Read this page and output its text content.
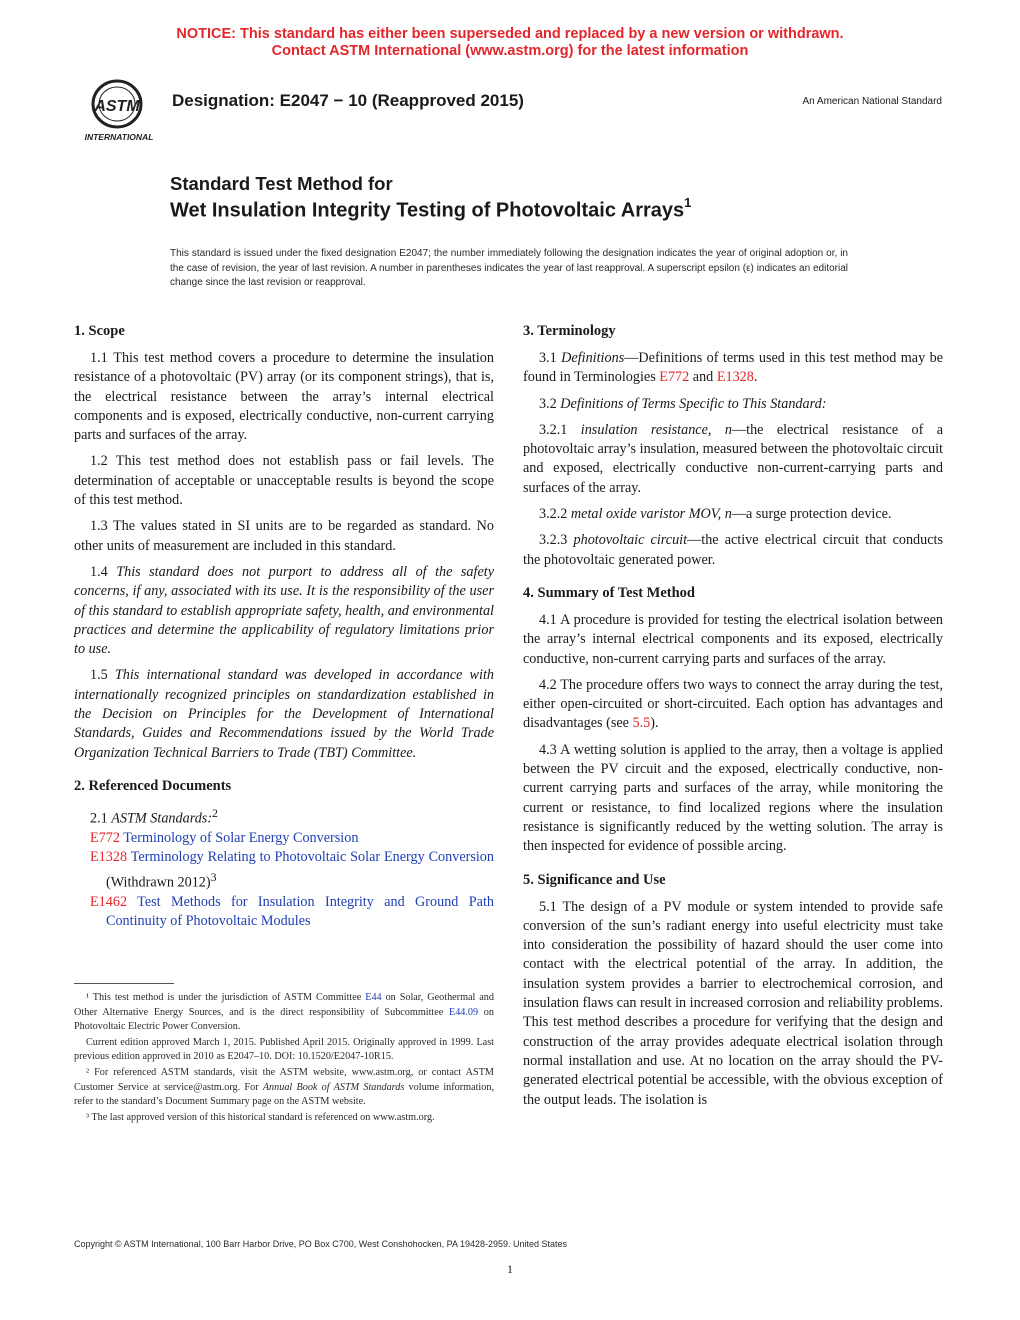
NOTICE: This standard has either been superseded and replaced by a new version or withdrawn.
Contact ASTM International (www.astm.org) for the latest information
ASTM
INTERNATIONAL
Designation: E2047 − 10 (Reapproved 2015)	An American National Standard
Standard Test Method for
Wet Insulation Integrity Testing of Photovoltaic Arrays$^1$
This standard is issued under the fixed designation E2047; the number immediately following the designation indicates the year of original adoption or, in the case of revision, the year of last revision. A number in parentheses indicates the year of last reapproval. A superscript epsilon (ε) indicates an editorial change since the last revision or reapproval.
1. Scope

1.1 This test method covers a procedure to determine the insulation resistance of a photovoltaic (PV) array (or its component strings), that is, the electrical resistance between the array’s internal electrical components and is exposed, electrically conductive, non-current carrying parts and surfaces of the array.

1.2 This test method does not establish pass or fail levels. The determination of acceptable or unacceptable results is beyond the scope of this test method.

1.3 The values stated in SI units are to be regarded as standard. No other units of measurement are included in this standard.

1.4 This standard does not purport to address all of the safety concerns, if any, associated with its use. It is the responsibility of the user of this standard to establish appropriate safety, health, and environmental practices and determine the applicability of regulatory limitations prior to use.

1.5 This international standard was developed in accordance with internationally recognized principles on standardization established in the Decision on Principles for the Development of International Standards, Guides and Recommendations issued by the World Trade Organization Technical Barriers to Trade (TBT) Committee.

2. Referenced Documents

2.1 ASTM Standards:$^2$

E772 Terminology of Solar Energy Conversion

E1328 Terminology Relating to Photovoltaic Solar Energy Conversion (Withdrawn 2012)$^3$

E1462 Test Methods for Insulation Integrity and Ground Path Continuity of Photovoltaic Modules

¹ This test method is under the jurisdiction of ASTM Committee E44 on Solar, Geothermal and Other Alternative Energy Sources, and is the direct responsibility of Subcommittee E44.09 on Photovoltaic Electric Power Conversion.

Current edition approved March 1, 2015. Published April 2015. Originally approved in 1999. Last previous edition approved in 2010 as E2047–10. DOI: 10.1520/E2047-10R15.

² For referenced ASTM standards, visit the ASTM website, www.astm.org, or contact ASTM Customer Service at service@astm.org. For Annual Book of ASTM Standards volume information, refer to the standard’s Document Summary page on the ASTM website.

³ The last approved version of this historical standard is referenced on www.astm.org.

3. Terminology

3.1 Definitions—Definitions of terms used in this test method may be found in Terminologies E772 and E1328.

3.2 Definitions of Terms Specific to This Standard:

3.2.1 insulation resistance, n—the electrical resistance of a photovoltaic array’s insulation, measured between the photovoltaic circuit and exposed, electrically conductive non-current-carrying parts and surfaces of the array.

3.2.2 metal oxide varistor MOV, n—a surge protection device.

3.2.3 photovoltaic circuit—the active electrical circuit that conducts the photovoltaic generated power.

4. Summary of Test Method

4.1 A procedure is provided for testing the electrical isolation between the array’s internal electrical components and its exposed, electrically conductive, non-current carrying parts and surfaces of the array.

4.2 The procedure offers two ways to connect the array during the test, either open-circuited or short-circuited. Each option has advantages and disadvantages (see 5.5).

4.3 A wetting solution is applied to the array, then a voltage is applied between the PV circuit and the exposed, electrically conductive, non-current carrying parts and surfaces of the array, while monitoring the current or resistance, to find localized regions where the insulation resistance is significantly reduced by the wetting solution. The array is then inspected for evidence of possible arcing.

5. Significance and Use

5.1 The design of a PV module or system intended to provide safe conversion of the sun’s radiant energy into useful electricity must take into consideration the possibility of hazard should the user come into contact with the electrical potential of the array. In addition, the insulation system provides a barrier to electrochemical corrosion, and insulation flaws can result in increased corrosion and reliability problems. This test method describes a procedure for verifying that the design and construction of the array provides adequate electrical isolation through normal installation and use. At no location on the array should the PV-generated electrical potential be accessible, with the obvious exception of the output leads. The isolation is

Copyright © ASTM International, 100 Barr Harbor Drive, PO Box C700, West Conshohocken, PA 19428-2959. United States
1
